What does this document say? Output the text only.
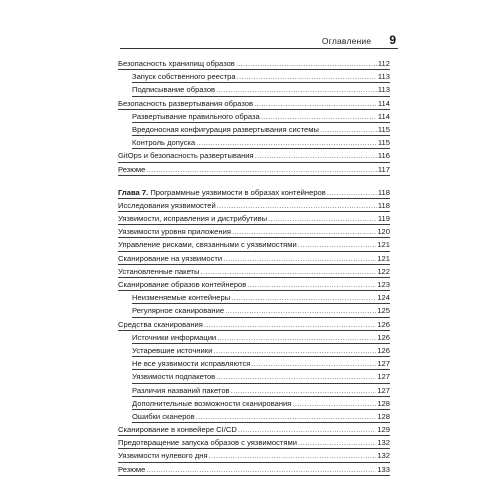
Оглавление 9
Безопасность хранилищ образов .....	112
Запуск собственного реестра .....	113
Подписывание образов .....	113
Безопасность развертывания образов .....	114
Развертывание правильного образа .....	114
Вредоносная конфигурация развертывания системы .....	115
Контроль допуска .....	115
GitOps и безопасность развертывания .....	116
Резюме .....	117
Глава 7. Программные уязвимости в образах контейнеров .....	118
Исследования уязвимостей .....	118
Уязвимости, исправления и дистрибутивы .....	119
Уязвимости уровня приложения .....	120
Управление рисками, связанными с уязвимостями .....	121
Сканирование на уязвимости .....	121
Установленные пакеты .....	122
Сканирование образов контейнеров .....	123
Неизменяемые контейнеры .....	124
Регулярное сканирование .....	125
Средства сканирования .....	126
Источники информации .....	126
Устаревшие источники .....	126
Не все уязвимости исправляются .....	127
Уязвимости подпакетов .....	127
Различия названий пакетов .....	127
Дополнительные возможности сканирования .....	128
Ошибки сканеров .....	128
Сканирование в конвейере CI/CD .....	129
Предотвращение запуска образов с уязвимостями .....	132
Уязвимости нулевого дня .....	132
Резюме .....	133
